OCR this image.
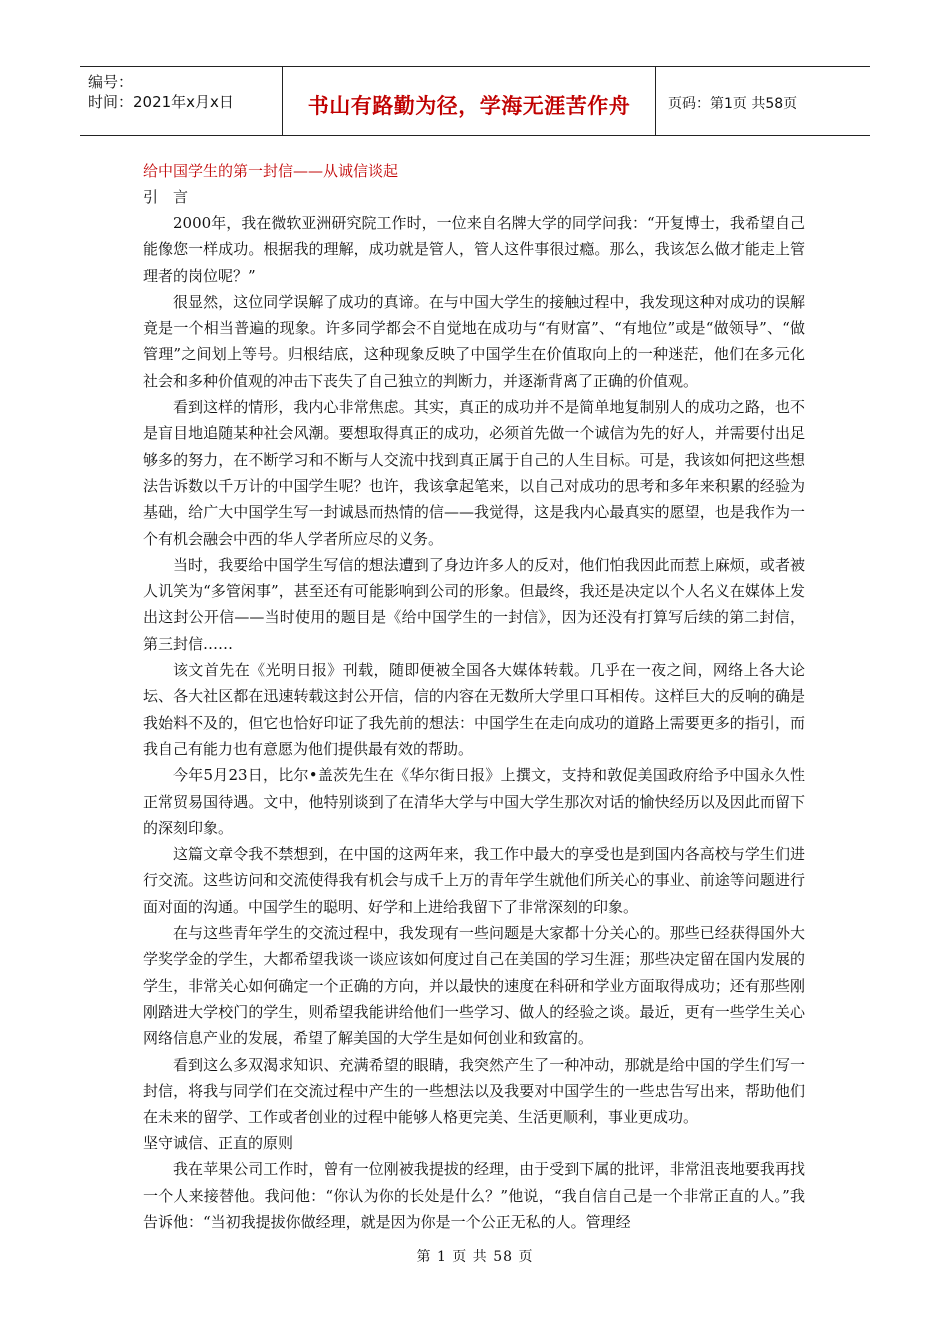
编号：
时间：2021年x月x日	书山有路勤为径，学海无涯苦作舟	页码：第1页 共58页

给中国学生的第一封信——从诚信谈起

引　言

2000年，我在微软亚洲研究院工作时，一位来自名牌大学的同学问我：“开复博士，我希望自己能像您一样成功。根据我的理解，成功就是管人，管人这件事很过瘾。那么，我该怎么做才能走上管理者的岗位呢？”

很显然，这位同学误解了成功的真谛。在与中国大学生的接触过程中，我发现这种对成功的误解竟是一个相当普遍的现象。许多同学都会不自觉地在成功与“有财富”、“有地位”或是“做领导”、“做管理”之间划上等号。归根结底，这种现象反映了中国学生在价值取向上的一种迷茫，他们在多元化社会和多种价值观的冲击下丧失了自己独立的判断力，并逐渐背离了正确的价值观。

看到这样的情形，我内心非常焦虑。其实，真正的成功并不是简单地复制别人的成功之路，也不是盲目地追随某种社会风潮。要想取得真正的成功，必须首先做一个诚信为先的好人，并需要付出足够多的努力，在不断学习和不断与人交流中找到真正属于自己的人生目标。可是，我该如何把这些想法告诉数以千万计的中国学生呢？也许，我该拿起笔来，以自己对成功的思考和多年来积累的经验为基础，给广大中国学生写一封诚恳而热情的信——我觉得，这是我内心最真实的愿望，也是我作为一个有机会融会中西的华人学者所应尽的义务。

当时，我要给中国学生写信的想法遭到了身边许多人的反对，他们怕我因此而惹上麻烦，或者被人讥笑为“多管闲事”，甚至还有可能影响到公司的形象。但最终，我还是决定以个人名义在媒体上发出这封公开信——当时使用的题目是《给中国学生的一封信》，因为还没有打算写后续的第二封信，第三封信……

该文首先在《光明日报》刊载，随即便被全国各大媒体转载。几乎在一夜之间，网络上各大论坛、各大社区都在迅速转载这封公开信，信的内容在无数所大学里口耳相传。这样巨大的反响的确是我始料不及的，但它也恰好印证了我先前的想法：中国学生在走向成功的道路上需要更多的指引，而我自己有能力也有意愿为他们提供最有效的帮助。

今年5月23日，比尔•盖茨先生在《华尔街日报》上撰文，支持和敦促美国政府给予中国永久性正常贸易国待遇。文中，他特别谈到了在清华大学与中国大学生那次对话的愉快经历以及因此而留下的深刻印象。

这篇文章令我不禁想到，在中国的这两年来，我工作中最大的享受也是到国内各高校与学生们进行交流。这些访问和交流使得我有机会与成千上万的青年学生就他们所关心的事业、前途等问题进行面对面的沟通。中国学生的聪明、好学和上进给我留下了非常深刻的印象。

在与这些青年学生的交流过程中，我发现有一些问题是大家都十分关心的。那些已经获得国外大学奖学金的学生，大都希望我谈一谈应该如何度过自己在美国的学习生涯；那些决定留在国内发展的学生，非常关心如何确定一个正确的方向，并以最快的速度在科研和学业方面取得成功；还有那些刚刚踏进大学校门的学生，则希望我能讲给他们一些学习、做人的经验之谈。最近，更有一些学生关心网络信息产业的发展，希望了解美国的大学生是如何创业和致富的。

看到这么多双渴求知识、充满希望的眼睛，我突然产生了一种冲动，那就是给中国的学生们写一封信，将我与同学们在交流过程中产生的一些想法以及我要对中国学生的一些忠告写出来，帮助他们在未来的留学、工作或者创业的过程中能够人格更完美、生活更顺利，事业更成功。

坚守诚信、正直的原则

我在苹果公司工作时，曾有一位刚被我提拔的经理，由于受到下属的批评，非常沮丧地要我再找一个人来接替他。我问他：“你认为你的长处是什么？”他说，“我自信自己是一个非常正直的人。”我告诉他：“当初我提拔你做经理，就是因为你是一个公正无私的人。管理经

第 1 页 共 58 页
